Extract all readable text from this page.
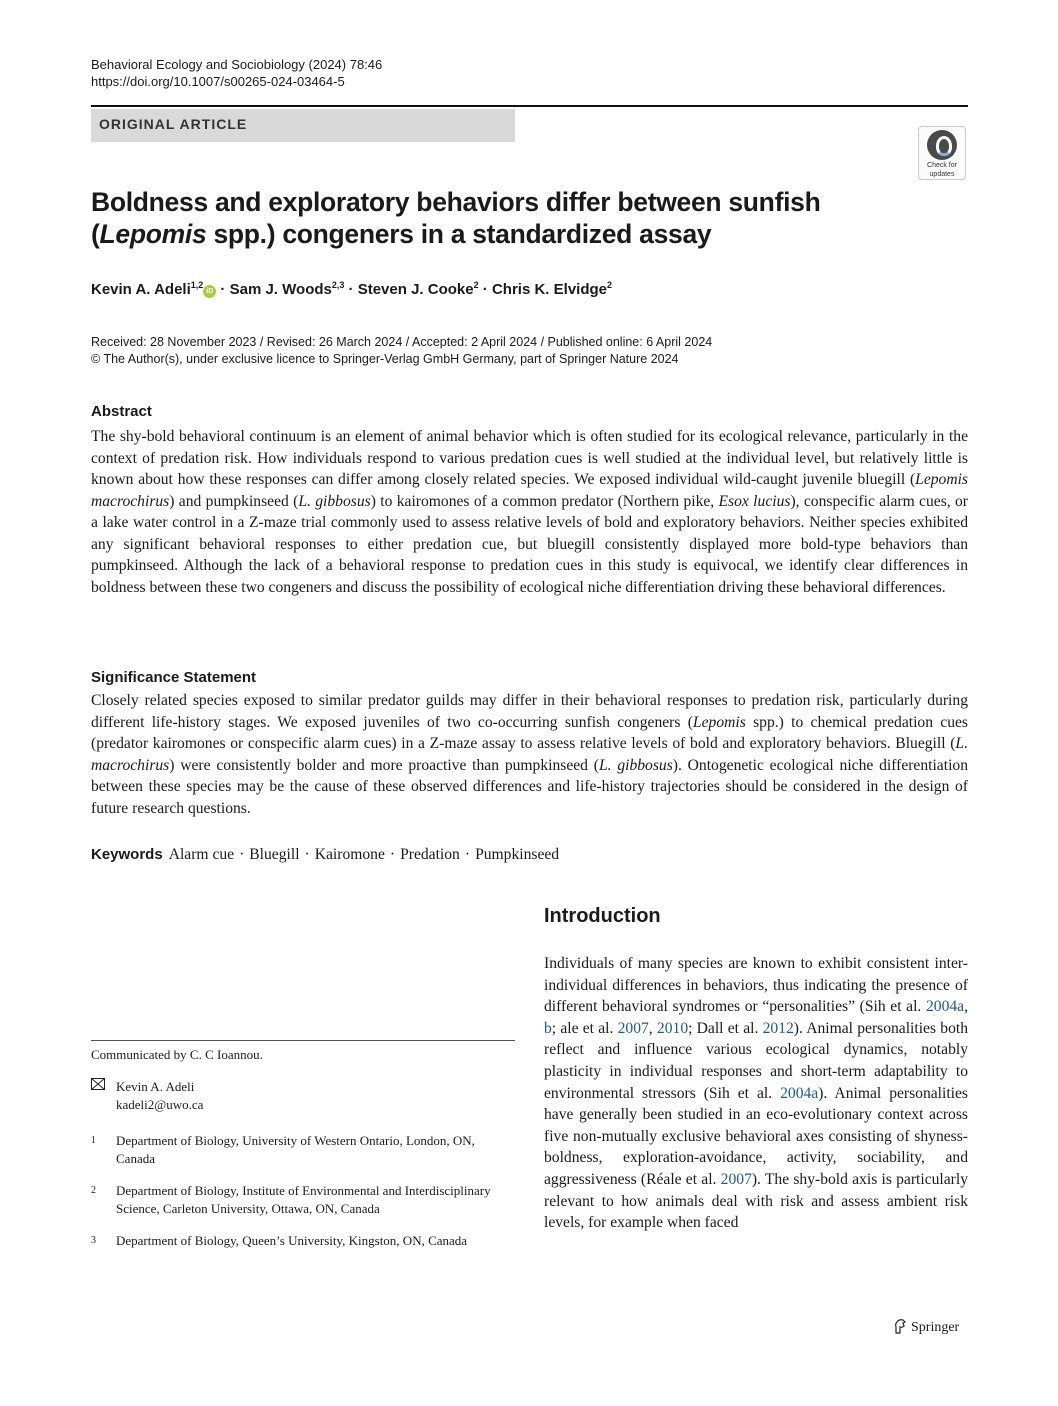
Behavioral Ecology and Sociobiology (2024) 78:46
https://doi.org/10.1007/s00265-024-03464-5
ORIGINAL ARTICLE
Check for
updates
Boldness and exploratory behaviors differ between sunfish (Lepomis spp.) congeners in a standardized assay
Kevin A. Adeli$^{1,2}$iD · Sam J. Woods$^{2,3}$ · Steven J. Cooke$^2$ · Chris K. Elvidge$^2$
Received: 28 November 2023 / Revised: 26 March 2024 / Accepted: 2 April 2024 / Published online: 6 April 2024
© The Author(s), under exclusive licence to Springer-Verlag GmbH Germany, part of Springer Nature 2024
Abstract
The shy-bold behavioral continuum is an element of animal behavior which is often studied for its ecological relevance, particularly in the context of predation risk. How individuals respond to various predation cues is well studied at the individual level, but relatively little is known about how these responses can differ among closely related species. We exposed individual wild-caught juvenile bluegill (Lepomis macrochirus) and pumpkinseed (L. gibbosus) to kairomones of a common predator (Northern pike, Esox lucius), conspecific alarm cues, or a lake water control in a Z-maze trial commonly used to assess relative levels of bold and exploratory behaviors. Neither species exhibited any significant behavioral responses to either predation cue, but bluegill consistently displayed more bold-type behaviors than pumpkinseed. Although the lack of a behavioral response to predation cues in this study is equivocal, we identify clear differences in boldness between these two congeners and discuss the possibility of ecological niche differentiation driving these behavioral differences.
Significance Statement
Closely related species exposed to similar predator guilds may differ in their behavioral responses to predation risk, particularly during different life-history stages. We exposed juveniles of two co-occurring sunfish congeners (Lepomis spp.) to chemical predation cues (predator kairomones or conspecific alarm cues) in a Z-maze assay to assess relative levels of bold and exploratory behaviors. Bluegill (L. macrochirus) were consistently bolder and more proactive than pumpkinseed (L. gibbosus). Ontogenetic ecological niche differentiation between these species may be the cause of these observed differences and life-history trajectories should be considered in the design of future research questions.
Keywords Alarm cue · Bluegill · Kairomone · Predation · Pumpkinseed
Introduction
Individuals of many species are known to exhibit consistent inter-individual differences in behaviors, thus indicating the presence of different behavioral syndromes or “personalities” (Sih et al. 2004a, b; ale et al. 2007, 2010; Dall et al. 2012). Animal personalities both reflect and influence various ecological dynamics, notably plasticity in individual responses and short-term adaptability to environmental stressors (Sih et al. 2004a). Animal personalities have generally been studied in an eco-evolutionary context across five non-mutually exclusive behavioral axes consisting of shyness-boldness, exploration-avoidance, activity, sociability, and aggressiveness (Réale et al. 2007). The shy-bold axis is particularly relevant to how animals deal with risk and assess ambient risk levels, for example when faced
Communicated by C. C Ioannou.
Kevin A. Adeli
kadeli2@uwo.ca
1	Department of Biology, University of Western Ontario, London, ON, Canada
2	Department of Biology, Institute of Environmental and Interdisciplinary Science, Carleton University, Ottawa, ON, Canada
3	Department of Biology, Queen’s University, Kingston, ON, Canada
Springer
